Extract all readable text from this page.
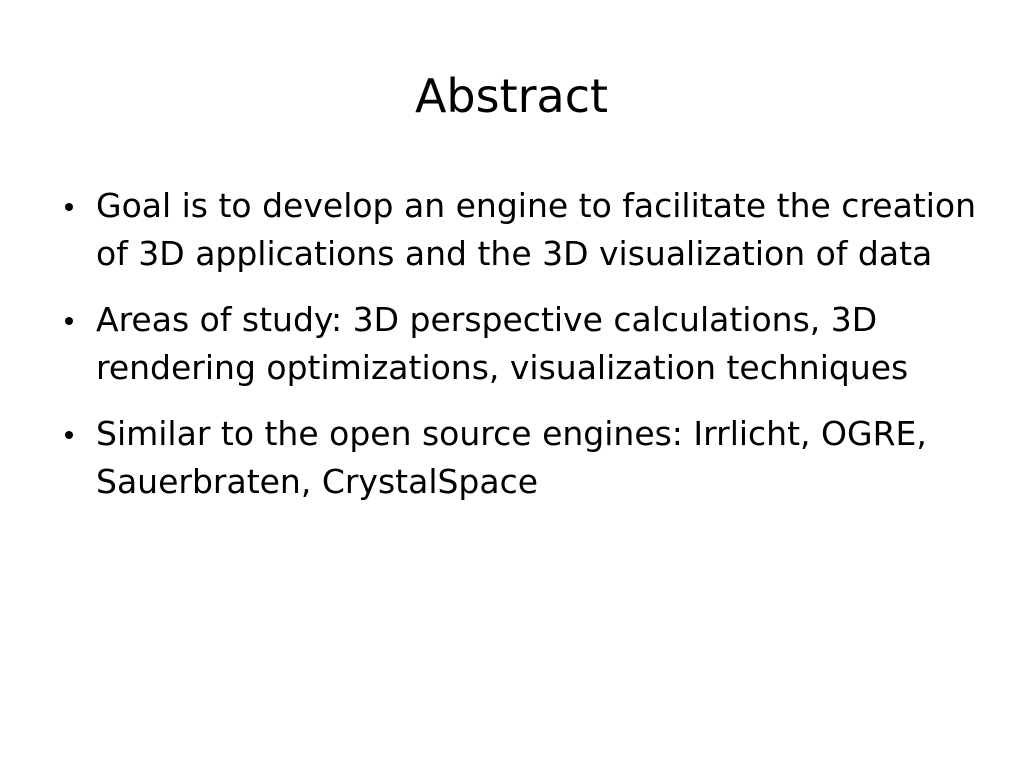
Abstract
Goal is to develop an engine to facilitate the creation of 3D applications and the 3D visualization of data
Areas of study: 3D perspective calculations, 3D rendering optimizations, visualization techniques
Similar to the open source engines: Irrlicht, OGRE, Sauerbraten, CrystalSpace
